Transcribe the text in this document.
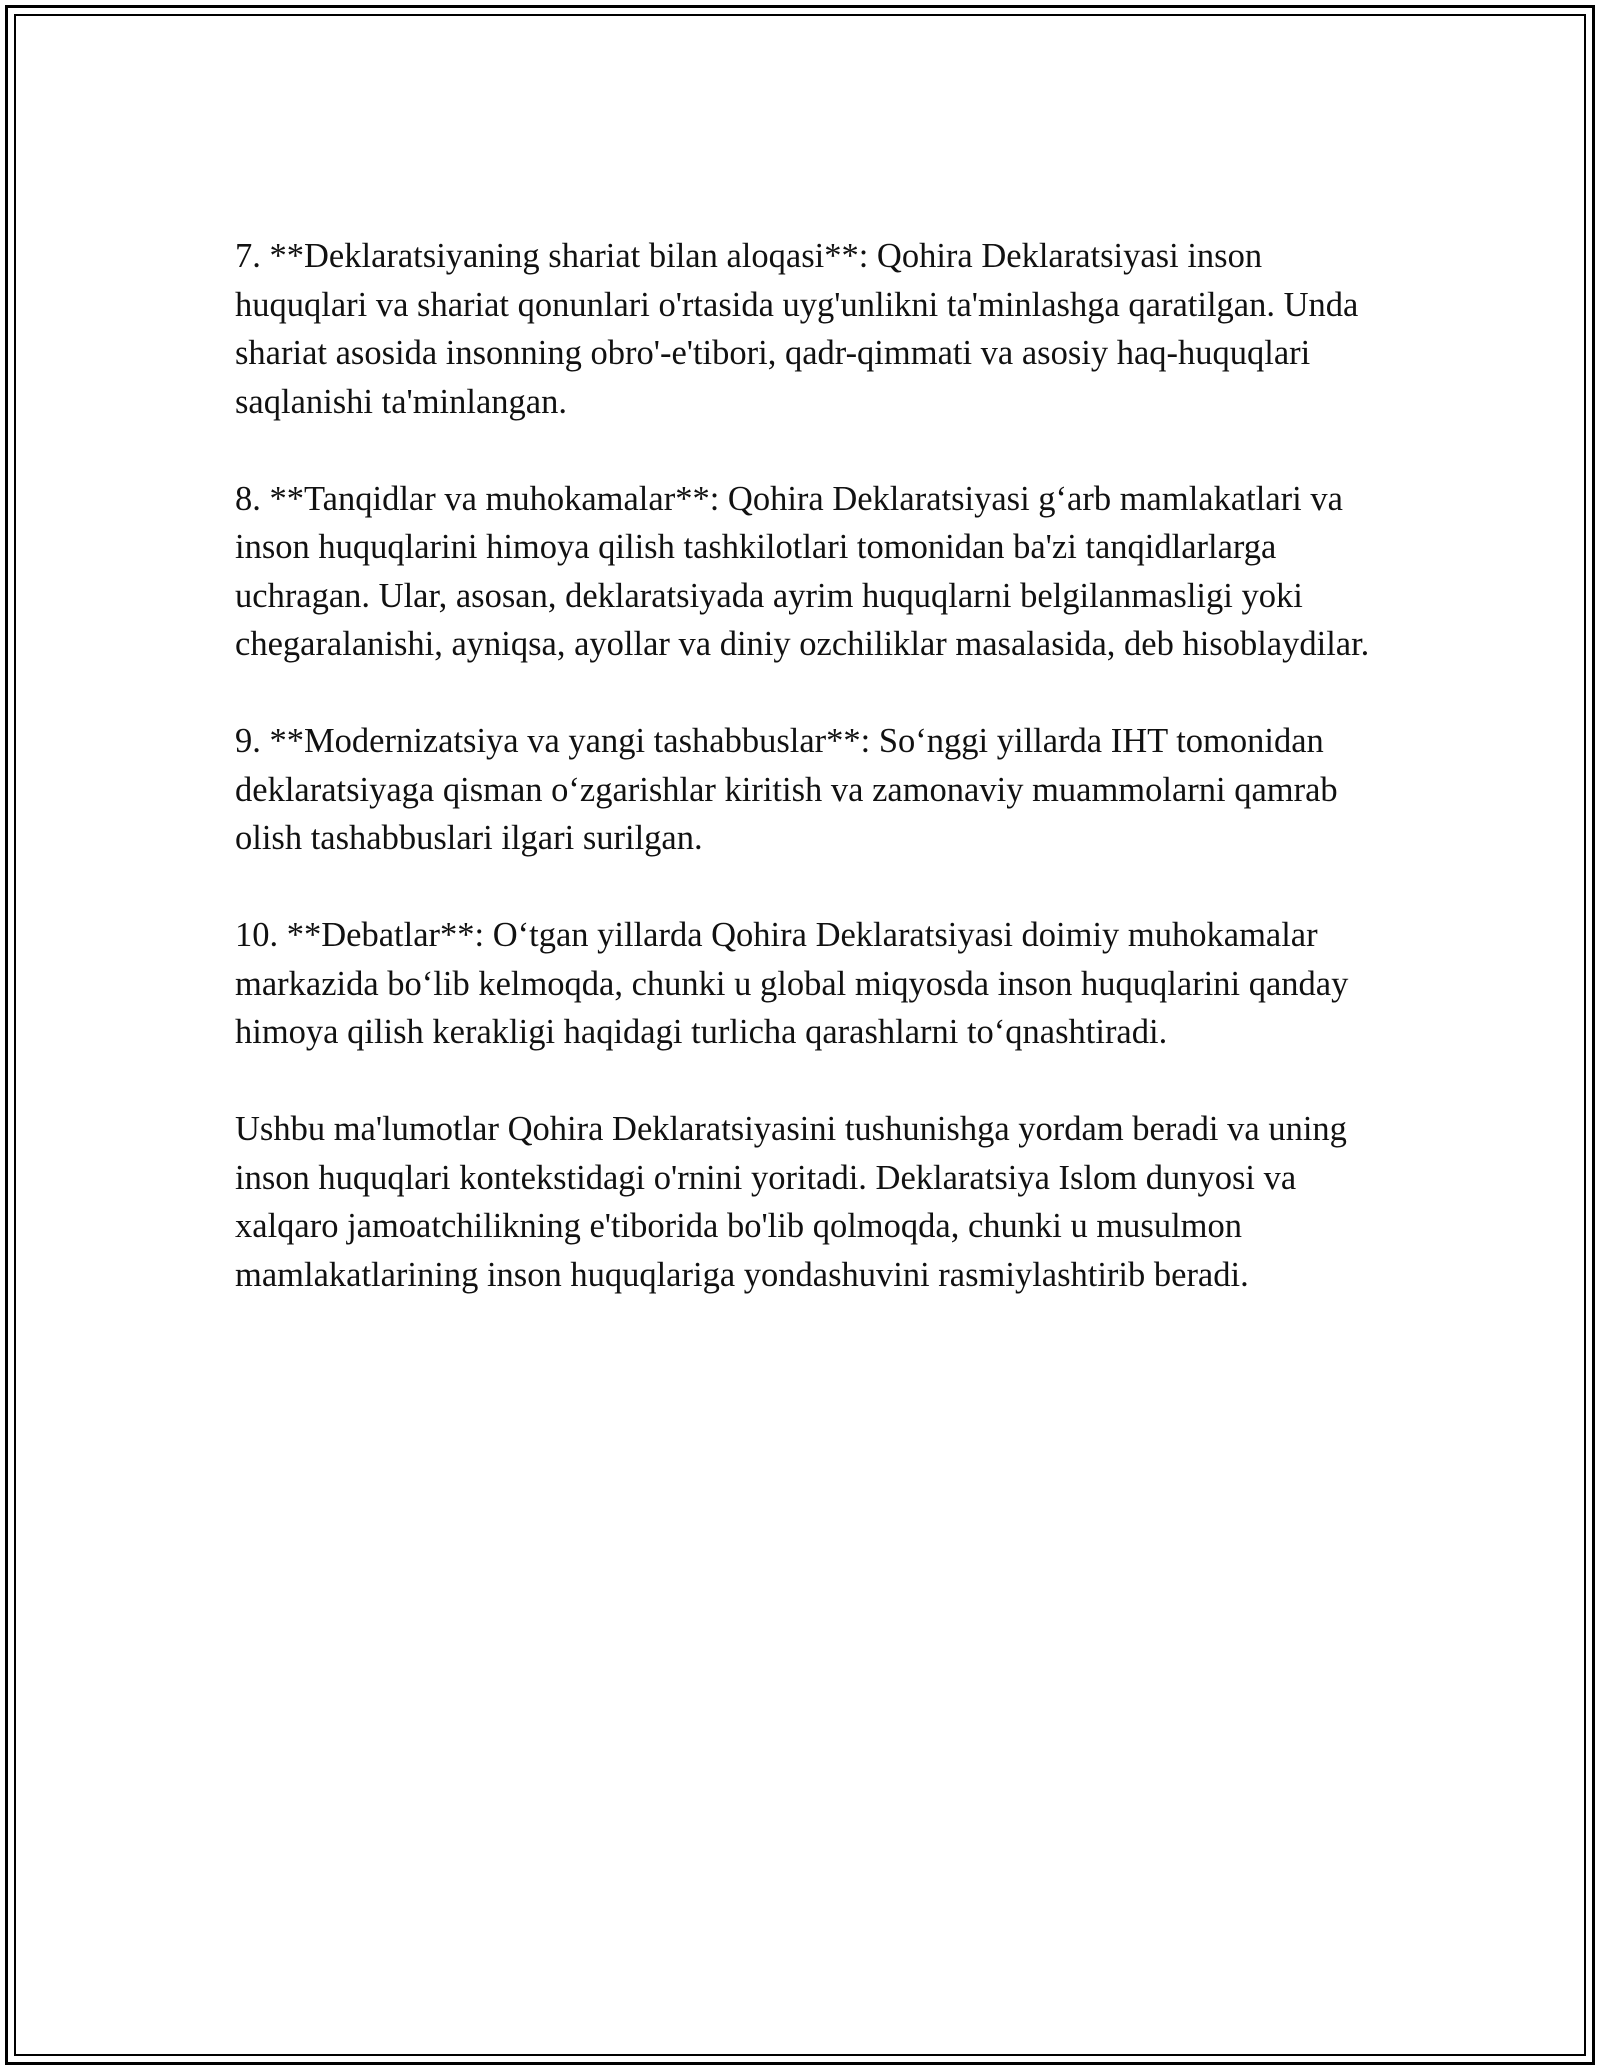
7. **Deklaratsiyaning shariat bilan aloqasi**: Qohira Deklaratsiyasi inson huquqlari va shariat qonunlari o'rtasida uyg'unlikni ta'minlashga qaratilgan. Unda shariat asosida insonning obro'-e'tibori, qadr-qimmati va asosiy haq-huquqlari saqlanishi ta'minlangan.

8. **Tanqidlar va muhokamalar**: Qohira Deklaratsiyasi g‘arb mamlakatlari va inson huquqlarini himoya qilish tashkilotlari tomonidan ba'zi tanqidlarlarga uchragan. Ular, asosan, deklaratsiyada ayrim huquqlarni belgilanmasligi yoki chegaralanishi, ayniqsa, ayollar va diniy ozchiliklar masalasida, deb hisoblaydilar.

9. **Modernizatsiya va yangi tashabbuslar**: So‘nggi yillarda IHT tomonidan deklaratsiyaga qisman o‘zgarishlar kiritish va zamonaviy muammolarni qamrab olish tashabbuslari ilgari surilgan.

10. **Debatlar**: O‘tgan yillarda Qohira Deklaratsiyasi doimiy muhokamalar markazida bo‘lib kelmoqda, chunki u global miqyosda inson huquqlarini qanday himoya qilish kerakligi haqidagi turlicha qarashlarni to‘qnashtiradi.

Ushbu ma'lumotlar Qohira Deklaratsiyasini tushunishga yordam beradi va uning inson huquqlari kontekstidagi o'rnini yoritadi. Deklaratsiya Islom dunyosi va xalqaro jamoatchilikning e'tiborida bo'lib qolmoqda, chunki u musulmon mamlakatlarining inson huquqlariga yondashuvini rasmiylashtirib beradi.
